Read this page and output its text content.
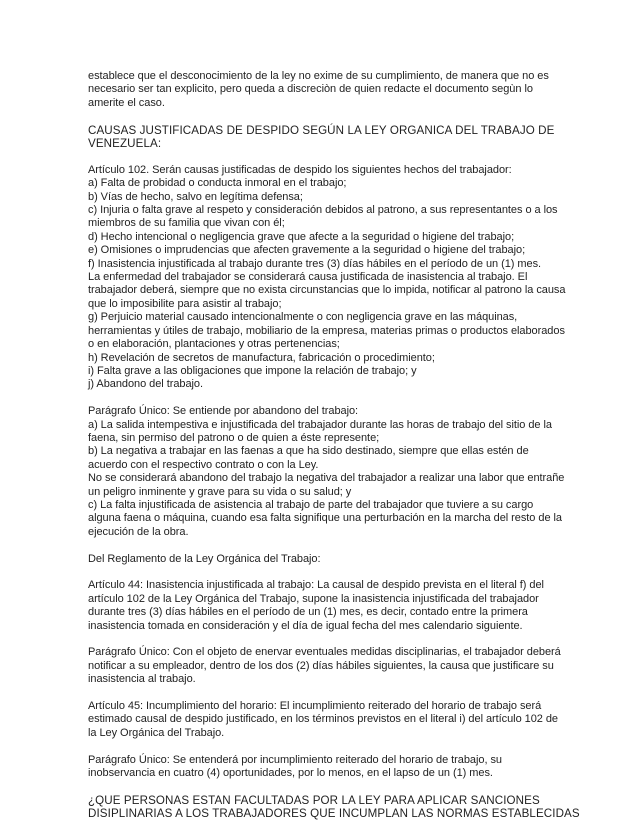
establece que el desconocimiento de la ley no exime de su cumplimiento, de manera que no es
necesario ser tan explicito, pero queda a discreciòn de quien redacte el documento segùn lo
amerite el caso.
CAUSAS JUSTIFICADAS DE DESPIDO SEGÚN LA LEY ORGANICA DEL TRABAJO DE
VENEZUELA:
Artículo 102. Serán causas justificadas de despido los siguientes hechos del trabajador:
a) Falta de probidad o conducta inmoral en el trabajo;
b) Vías de hecho, salvo en legítima defensa;
c) Injuria o falta grave al respeto y consideración debidos al patrono, a sus representantes o a los
miembros de su familia que vivan con él;
d) Hecho intencional o negligencia grave que afecte a la seguridad o higiene del trabajo;
e) Omisiones o imprudencias que afecten gravemente a la seguridad o higiene del trabajo;
f) Inasistencia injustificada al trabajo durante tres (3) días hábiles en el período de un (1) mes.
La enfermedad del trabajador se considerará causa justificada de inasistencia al trabajo. El
trabajador deberá, siempre que no exista circunstancias que lo impida, notificar al patrono la causa
que lo imposibilite para asistir al trabajo;
g) Perjuicio material causado intencionalmente o con negligencia grave en las máquinas,
herramientas y útiles de trabajo, mobiliario de la empresa, materias primas o productos elaborados
o en elaboración, plantaciones y otras pertenencias;
h) Revelación de secretos de manufactura, fabricación o procedimiento;
i) Falta grave a las obligaciones que impone la relación de trabajo; y
j) Abandono del trabajo.
Parágrafo Único: Se entiende por abandono del trabajo:
a) La salida intempestiva e injustificada del trabajador durante las horas de trabajo del sitio de la
faena, sin permiso del patrono o de quien a éste represente;
b) La negativa a trabajar en las faenas a que ha sido destinado, siempre que ellas estén de
acuerdo con el respectivo contrato o con la Ley.
No se considerará abandono del trabajo la negativa del trabajador a realizar una labor que entrañe
un peligro inminente y grave para su vida o su salud; y
c) La falta injustificada de asistencia al trabajo de parte del trabajador que tuviere a su cargo
alguna faena o máquina, cuando esa falta signifique una perturbación en la marcha del resto de la
ejecución de la obra.
Del Reglamento de la Ley Orgánica del Trabajo:
Artículo 44: Inasistencia injustificada al trabajo: La causal de despido prevista en el literal f) del
artículo 102 de la Ley Orgánica del Trabajo, supone la inasistencia injustificada del trabajador
durante tres (3) días hábiles en el período de un (1) mes, es decir, contado entre la primera
inasistencia tomada en consideración y el día de igual fecha del mes calendario siguiente.
Parágrafo Único: Con el objeto de enervar eventuales medidas disciplinarias, el trabajador deberá
notificar a su empleador, dentro de los dos (2) días hábiles siguientes, la causa que justificare su
inasistencia al trabajo.
Artículo 45: Incumplimiento del horario: El incumplimiento reiterado del horario de trabajo será
estimado causal de despido justificado, en los términos previstos en el literal i) del artículo 102 de
la Ley Orgánica del Trabajo.
Parágrafo Único: Se entenderá por incumplimiento reiterado del horario de trabajo, su
inobservancia en cuatro (4) oportunidades, por lo menos, en el lapso de un (1) mes.
¿QUE PERSONAS ESTAN FACULTADAS POR LA LEY PARA APLICAR SANCIONES
DISIPLINARIAS A LOS TRABAJADORES QUE INCUMPLAN LAS NORMAS ESTABLECIDAS
